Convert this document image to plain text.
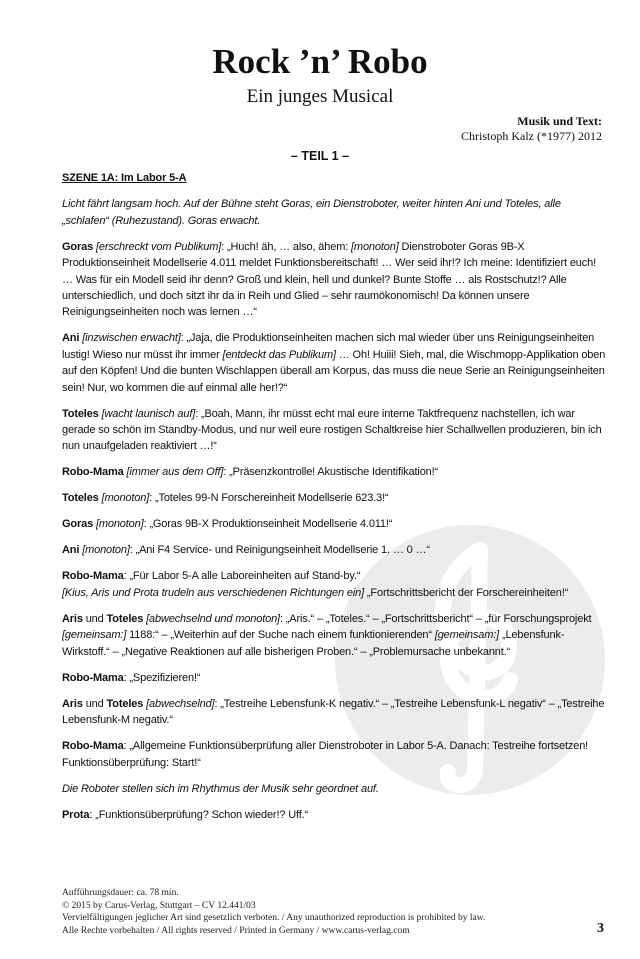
Rock ’n’ Robo
Ein junges Musical
Musik und Text:
Christoph Kalz (*1977) 2012
– TEIL 1 –
SZENE 1A: Im Labor 5-A

Licht fährt langsam hoch. Auf der Bühne steht Goras, ein Dienstroboter, weiter hinten Ani und Toteles, alle „schlafen“ (Ruhezustand). Goras erwacht.

Goras [erschreckt vom Publikum]: „Huch! äh, … also, ähem: [monoton] Dienstroboter Goras 9B-X Produktionseinheit Modellserie 4.011 meldet Funktionsbereitschaft! … Wer seid ihr!? Ich meine: Identifiziert euch! … Was für ein Modell seid ihr denn? Groß und klein, hell und dunkel? Bunte Stoffe … als Rostschutz!? Alle unterschiedlich, und doch sitzt ihr da in Reih und Glied – sehr raumökonomisch! Da können unsere Reinigungseinheiten noch was lernen …“

Ani [inzwischen erwacht]: „Jaja, die Produktionseinheiten machen sich mal wieder über uns Reinigungseinheiten lustig! Wieso nur müsst ihr immer [entdeckt das Publikum] … Oh! Huiii! Sieh, mal, die Wischmopp-Applikation oben auf den Köpfen! Und die bunten Wischlappen überall am Korpus, das muss die neue Serie an Reinigungseinheiten sein! Nur, wo kommen die auf einmal alle her!?“

Toteles [wacht launisch auf]: „Boah, Mann, ihr müsst echt mal eure interne Taktfrequenz nachstellen, ich war gerade so schön im Standby-Modus, und nur weil eure rostigen Schaltkreise hier Schallwellen produzieren, bin ich nun unaufgeladen reaktiviert …!“

Robo-Mama [immer aus dem Off]: „Präsenzkontrolle! Akustische Identifikation!“

Toteles [monoton]: „Toteles 99-N Forschereinheit Modellserie 623.3!“

Goras [monoton]: „Goras 9B-X Produktionseinheit Modellserie 4.011!“

Ani [monoton]: „Ani F4 Service- und Reinigungseinheit Modellserie 1. … 0 …“

Robo-Mama: „Für Labor 5-A alle Laboreinheiten auf Stand-by.“
[Kius, Aris und Prota trudeln aus verschiedenen Richtungen ein] „Fortschrittsbericht der Forschereinheiten!“

Aris und Toteles [abwechselnd und monoton]: „Aris.“ – „Toteles.“ – „Fortschrittsbericht“ – „für Forschungsprojekt [gemeinsam:] 1188:“ – „Weiterhin auf der Suche nach einem funktionierenden“ [gemeinsam:] „Lebensfunk-Wirkstoff.“ – „Negative Reaktionen auf alle bisherigen Proben.“ – „Problemursache unbekannt.“

Robo-Mama: „Spezifizieren!“

Aris und Toteles [abwechselnd]: „Testreihe Lebensfunk-K negativ.“ – „Testreihe Lebensfunk-L negativ“ – „Testreihe Lebensfunk-M negativ.“

Robo-Mama: „Allgemeine Funktionsüberprüfung aller Dienstroboter in Labor 5-A. Danach: Testreihe fortsetzen! Funktionsüberprüfung: Start!“

Die Roboter stellen sich im Rhythmus der Musik sehr geordnet auf.

Prota: „Funktionsüberprüfung? Schon wieder!? Uff.“

Aufführungsdauer: ca. 78 min.
© 2015 by Carus-Verlag, Stuttgart – CV 12.441/03
Vervielfältigungen jeglicher Art sind gesetzlich verboten. / Any unauthorized reproduction is prohibited by law.
Alle Rechte vorbehalten / All rights reserved / Printed in Germany / www.carus-verlag.com	3
